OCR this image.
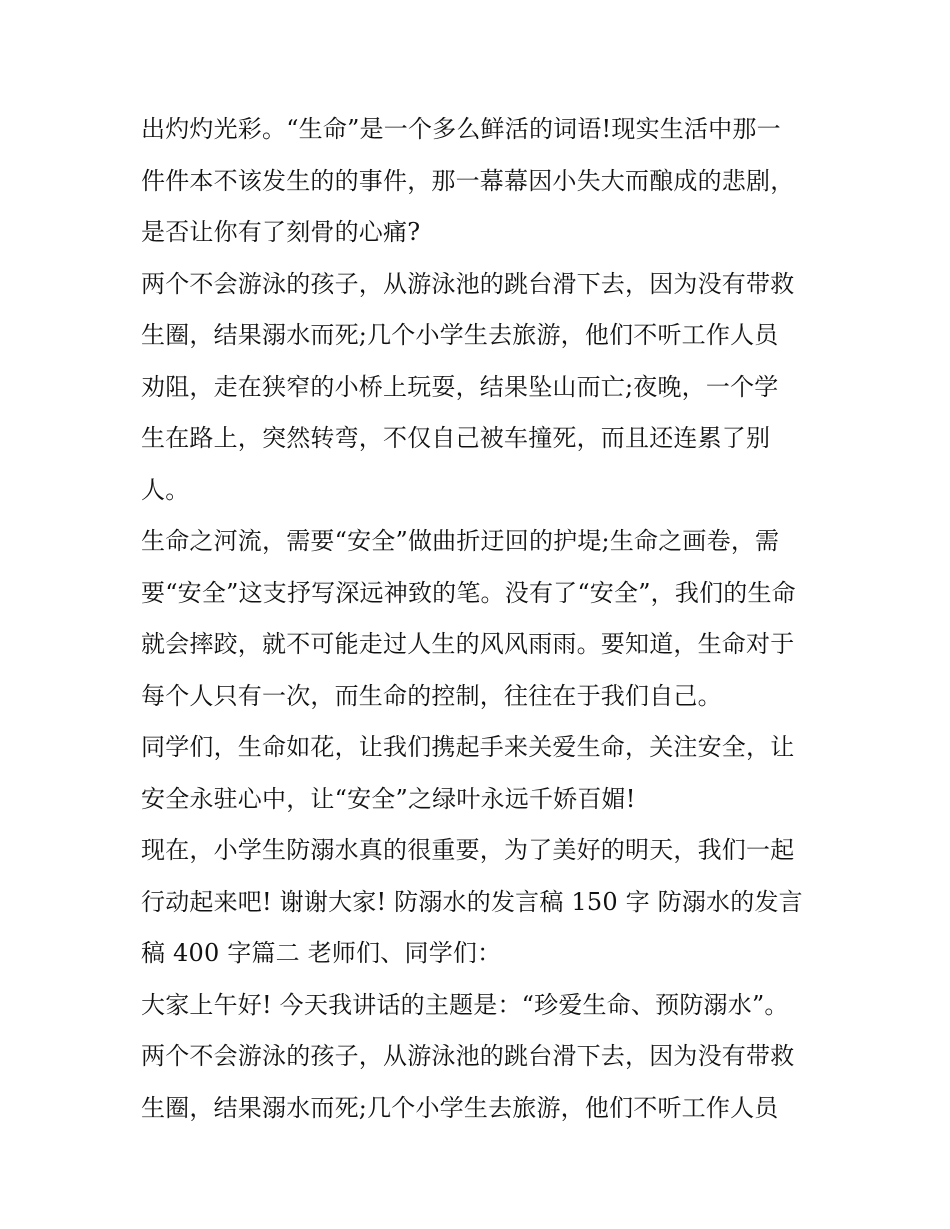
出灼灼光彩。“生命”是一个多么鲜活的词语!现实生活中那一
件件本不该发生的的事件，那一幕幕因小失大而酿成的悲剧，
是否让你有了刻骨的心痛?
两个不会游泳的孩子，从游泳池的跳台滑下去，因为没有带救
生圈，结果溺水而死;几个小学生去旅游，他们不听工作人员
劝阻，走在狭窄的小桥上玩耍，结果坠山而亡;夜晚，一个学
生在路上，突然转弯，不仅自己被车撞死，而且还连累了别
人。
生命之河流，需要“安全”做曲折迂回的护堤;生命之画卷，需
要“安全”这支抒写深远神致的笔。没有了“安全”，我们的生命
就会摔跤，就不可能走过人生的风风雨雨。要知道，生命对于
每个人只有一次，而生命的控制，往往在于我们自己。
同学们，生命如花，让我们携起手来关爱生命，关注安全，让
安全永驻心中，让“安全”之绿叶永远千娇百媚!
现在，小学生防溺水真的很重要，为了美好的明天，我们一起
行动起来吧! 谢谢大家! 防溺水的发言稿 150 字 防溺水的发言
稿 400 字篇二 老师们、同学们：
大家上午好! 今天我讲话的主题是：“珍爱生命、预防溺水”。
两个不会游泳的孩子，从游泳池的跳台滑下去，因为没有带救
生圈，结果溺水而死;几个小学生去旅游，他们不听工作人员
